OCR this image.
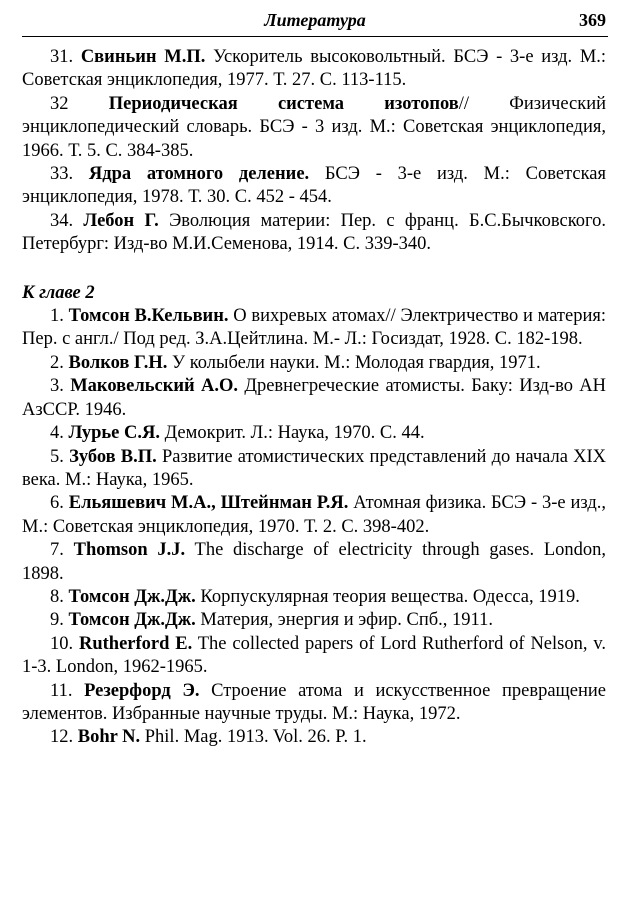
Литература	369

31. Свиньин М.П. Ускоритель высоковольтный. БСЭ - 3-е изд. М.: Советская энциклопедия, 1977. Т. 27. С. 113-115.

32 Периодическая система изотопов// Физический энциклопедический словарь. БСЭ - 3 изд. М.: Советская энциклопедия, 1966. Т. 5. С. 384-385.

33. Ядра атомного деление. БСЭ - 3-е изд. М.: Советская энциклопедия, 1978. Т. 30. С. 452 - 454.

34. Лебон Г. Эволюция материи: Пер. с франц. Б.С.Бычковского. Петербург: Изд-во М.И.Семенова, 1914. С. 339-340.

К главе 2

1. Томсон В.Кельвин. О вихревых атомах// Электричество и материя: Пер. с англ./ Под ред. З.А.Цейтлина. М.- Л.: Госиздат, 1928. С. 182-198.

2. Волков Г.Н. У колыбели науки. М.: Молодая гвардия, 1971.

3. Маковельский А.О. Древнегреческие атомисты. Баку: Изд-во АН АзССР. 1946.

4. Лурье С.Я. Демокрит. Л.: Наука, 1970. С. 44.

5. Зубов В.П. Развитие атомистических представлений до начала XIX века. М.: Наука, 1965.

6. Ельяшевич М.А., Штейнман Р.Я. Атомная физика. БСЭ - 3-е изд., М.: Советская энциклопедия, 1970. Т. 2. С. 398-402.

7. Thomson J.J. The discharge of electricity through gases. London, 1898.

8. Томсон Дж.Дж. Корпускулярная теория вещества. Одесса, 1919.

9. Томсон Дж.Дж. Материя, энергия и эфир. Спб., 1911.

10. Rutherford E. The collected papers of Lord Rutherford of Nelson, v. 1-3. London, 1962-1965.

11. Резерфорд Э. Строение атома и искусственное превращение элементов. Избранные научные труды. М.: Наука, 1972.

12. Bohr N. Phil. Mag. 1913. Vol. 26. P. 1.
